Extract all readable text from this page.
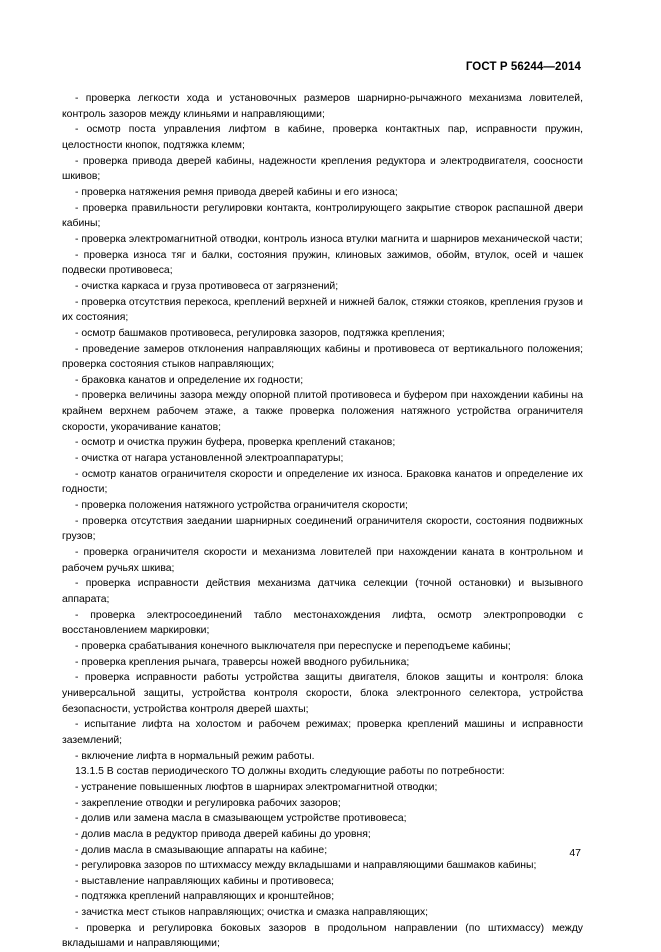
ГОСТ Р 56244—2014

- проверка легкости хода и установочных размеров шарнирно-рычажного механизма ловителей, контроль зазоров между клиньями и направляющими;

- осмотр поста управления лифтом в кабине, проверка контактных пар, исправности пружин, целостности кнопок, подтяжка клемм;

- проверка привода дверей кабины, надежности крепления редуктора и электродвигателя, соосности шкивов;

- проверка натяжения ремня привода дверей кабины и его износа;

- проверка правильности регулировки контакта, контролирующего закрытие створок распашной двери кабины;

- проверка электромагнитной отводки, контроль износа втулки магнита и шарниров механической части;

- проверка износа тяг и балки, состояния пружин, клиновых зажимов, обойм, втулок, осей и чашек подвески противовеса;

- очистка каркаса и груза противовеса от загрязнений;

- проверка отсутствия перекоса, креплений верхней и нижней балок, стяжки стояков, крепления грузов и их состояния;

- осмотр башмаков противовеса, регулировка зазоров, подтяжка крепления;

- проведение замеров отклонения направляющих кабины и противовеса от вертикального положения; проверка состояния стыков направляющих;

- браковка канатов и определение их годности;

- проверка величины зазора между опорной плитой противовеса и буфером при нахождении кабины на крайнем верхнем рабочем этаже, а также проверка положения натяжного устройства ограничителя скорости, укорачивание канатов;

- осмотр и очистка пружин буфера, проверка креплений стаканов;

- очистка от нагара установленной электроаппаратуры;

- осмотр канатов ограничителя скорости и определение их износа. Браковка канатов и определение их годности;

- проверка положения натяжного устройства ограничителя скорости;

- проверка отсутствия заедании шарнирных соединений ограничителя скорости, состояния подвижных грузов;

- проверка ограничителя скорости и механизма ловителей при нахождении каната в контрольном и рабочем ручьях шкива;

- проверка исправности действия механизма датчика селекции (точной остановки) и вызывного аппарата;

- проверка электросоединений табло местонахождения лифта, осмотр электропроводки с восстановлением маркировки;

- проверка срабатывания конечного выключателя при переспуске и переподъеме кабины;

- проверка крепления рычага, траверсы ножей вводного рубильника;

- проверка исправности работы устройства защиты двигателя, блоков защиты и контроля: блока универсальной защиты, устройства контроля скорости, блока электронного селектора, устройства безопасности, устройства контроля дверей шахты;

- испытание лифта на холостом и рабочем режимах; проверка креплений машины и исправности заземлений;

- включение лифта в нормальный режим работы.

13.1.5 В состав периодического ТО должны входить следующие работы по потребности:

- устранение повышенных люфтов в шарнирах электромагнитной отводки;

- закрепление отводки и регулировка рабочих зазоров;

- долив или замена масла в смазывающем устройстве противовеса;

- долив масла в редуктор привода дверей кабины до уровня;

- долив масла в смазывающие аппараты на кабине;

- регулировка зазоров по штихмассу между вкладышами и направляющими башмаков кабины;

- выставление направляющих кабины и противовеса;

- подтяжка креплений направляющих и кронштейнов;

- зачистка мест стыков направляющих; очистка и смазка направляющих;

- проверка и регулировка боковых зазоров в продольном направлении (по штихмассу) между вкладышами и направляющими;

47
